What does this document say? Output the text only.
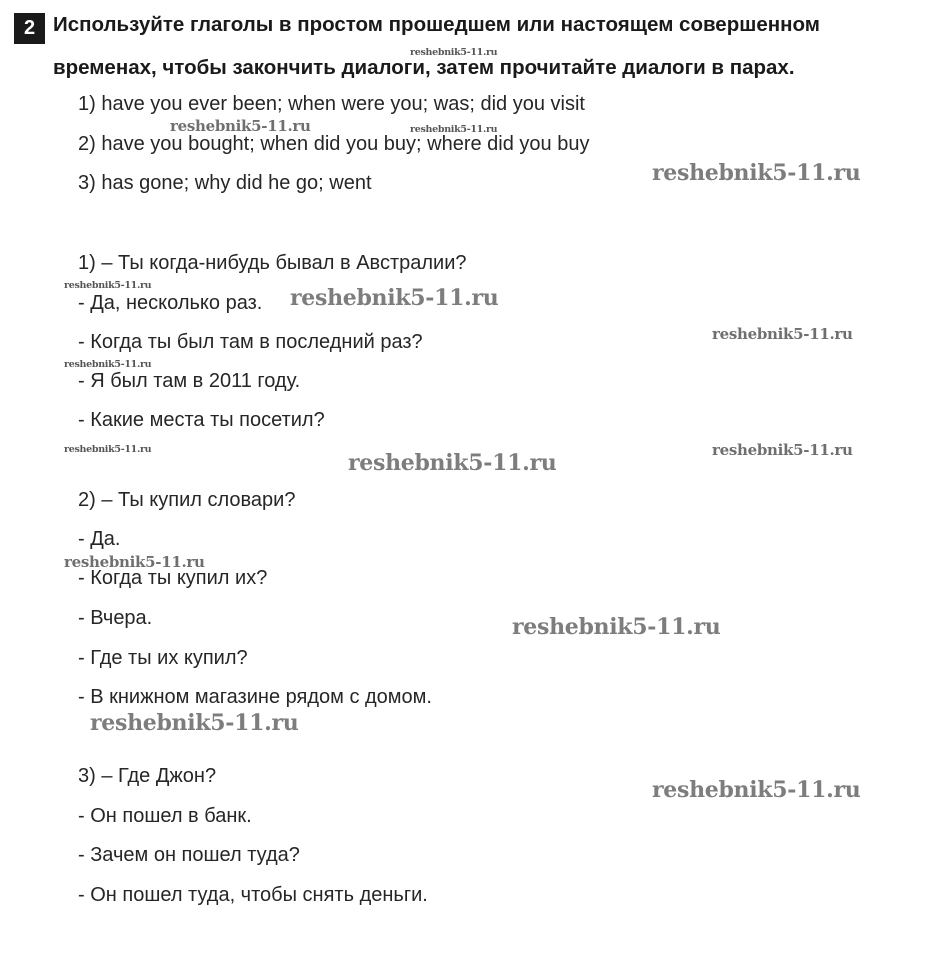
2 Используйте глаголы в простом прошедшем или настоящем совершенном
временах, чтобы закончить диалоги, затем прочитайте диалоги в парах.
1) have you ever been; when were you; was; did you visit
2) have you bought; when did you buy; where did you buy
3) has gone; why did he go; went
1) – Ты когда-нибудь бывал в Австралии?
- Да, несколько раз.
- Когда ты был там в последний раз?
- Я был там в 2011 году.
- Какие места ты посетил?
2) – Ты купил словари?
- Да.
- Когда ты купил их?
- Вчера.
- Где ты их купил?
- В книжном магазине рядом с домом.
3) – Где Джон?
- Он пошел в банк.
- Зачем он пошел туда?
- Он пошел туда, чтобы снять деньги.
reshebnik5-11.ru
reshebnik5-11.ru	reshebnik5-11.ru
reshebnik5-11.ru
reshebnik5-11.ru	reshebnik5-11.ru
reshebnik5-11.ru
reshebnik5-11.ru
reshebnik5-11.ru	reshebnik5-11.ru
reshebnik5-11.ru
reshebnik5-11.ru
reshebnik5-11.ru
reshebnik5-11.ru
reshebnik5-11.ru
